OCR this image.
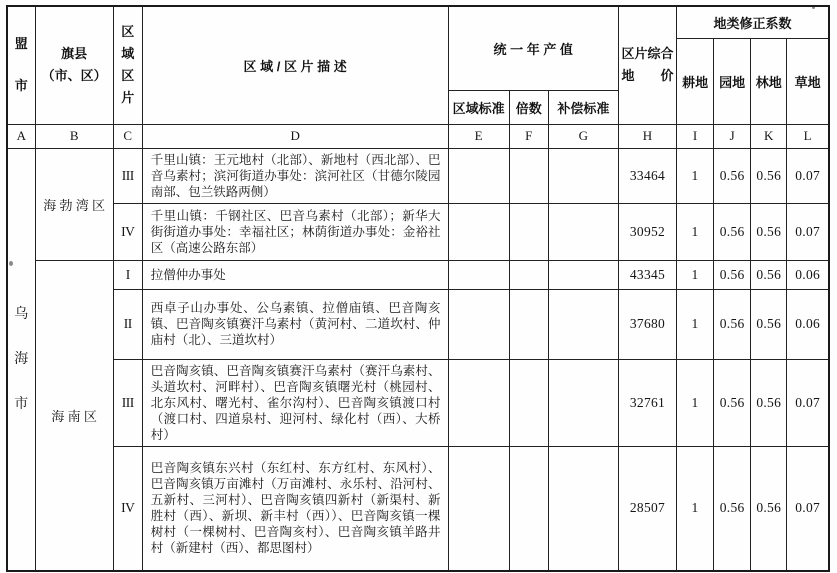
盟市	
旗县
（市、区）
	区域区片	区 域 / 区 片 描 述	统 一 年 产 值	区片综合
地　　价
	地类修正系数
								耕地	园地	林地	草地
				区域标准	倍数	补偿标准					
A	B	C	D	E	F	G	H	I	J	K	L
乌海市	海 勃 湾 区	III	千里山镇：王元地村（北部）、新地村（西北部）、巴音乌素村；滨河街道办事处：滨河社区（甘德尔陵园南部、包兰铁路两侧）				33464	1	0.56	0.56	0.07
		IV	千里山镇：千钢社区、巴音乌素村（北部）；新华大街街道办事处：幸福社区；林荫街道办事处：金裕社区（高速公路东部）				30952	1	0.56	0.56	0.07
	海 南 区	I	拉僧仲办事处				43345	1	0.56	0.56	0.06
		II	西卓子山办事处、公乌素镇、拉僧庙镇、巴音陶亥镇、巴音陶亥镇赛汗乌素村（黄河村、二道坎村、仲庙村（北）、三道坎村）				37680	1	0.56	0.56	0.06
		III	巴音陶亥镇、巴音陶亥镇赛汗乌素村（赛汗乌素村、头道坎村、河畔村）、巴音陶亥镇曙光村（桃园村、北东风村、曙光村、雀尔沟村）、巴音陶亥镇渡口村（渡口村、四道泉村、迎河村、绿化村（西）、大桥村）				32761	1	0.56	0.56	0.07
		IV	巴音陶亥镇东兴村（东红村、东方红村、东风村）、巴音陶亥镇万亩滩村（万亩滩村、永乐村、沿河村、五新村、三河村）、巴音陶亥镇四新村（新渠村、新胜村（西）、新坝、新丰村（西））、巴音陶亥镇一棵树村（一棵树村、巴音陶亥村）、巴音陶亥镇羊路井村（新建村（西）、都思图村）				28507	1	0.56	0.56	0.07
